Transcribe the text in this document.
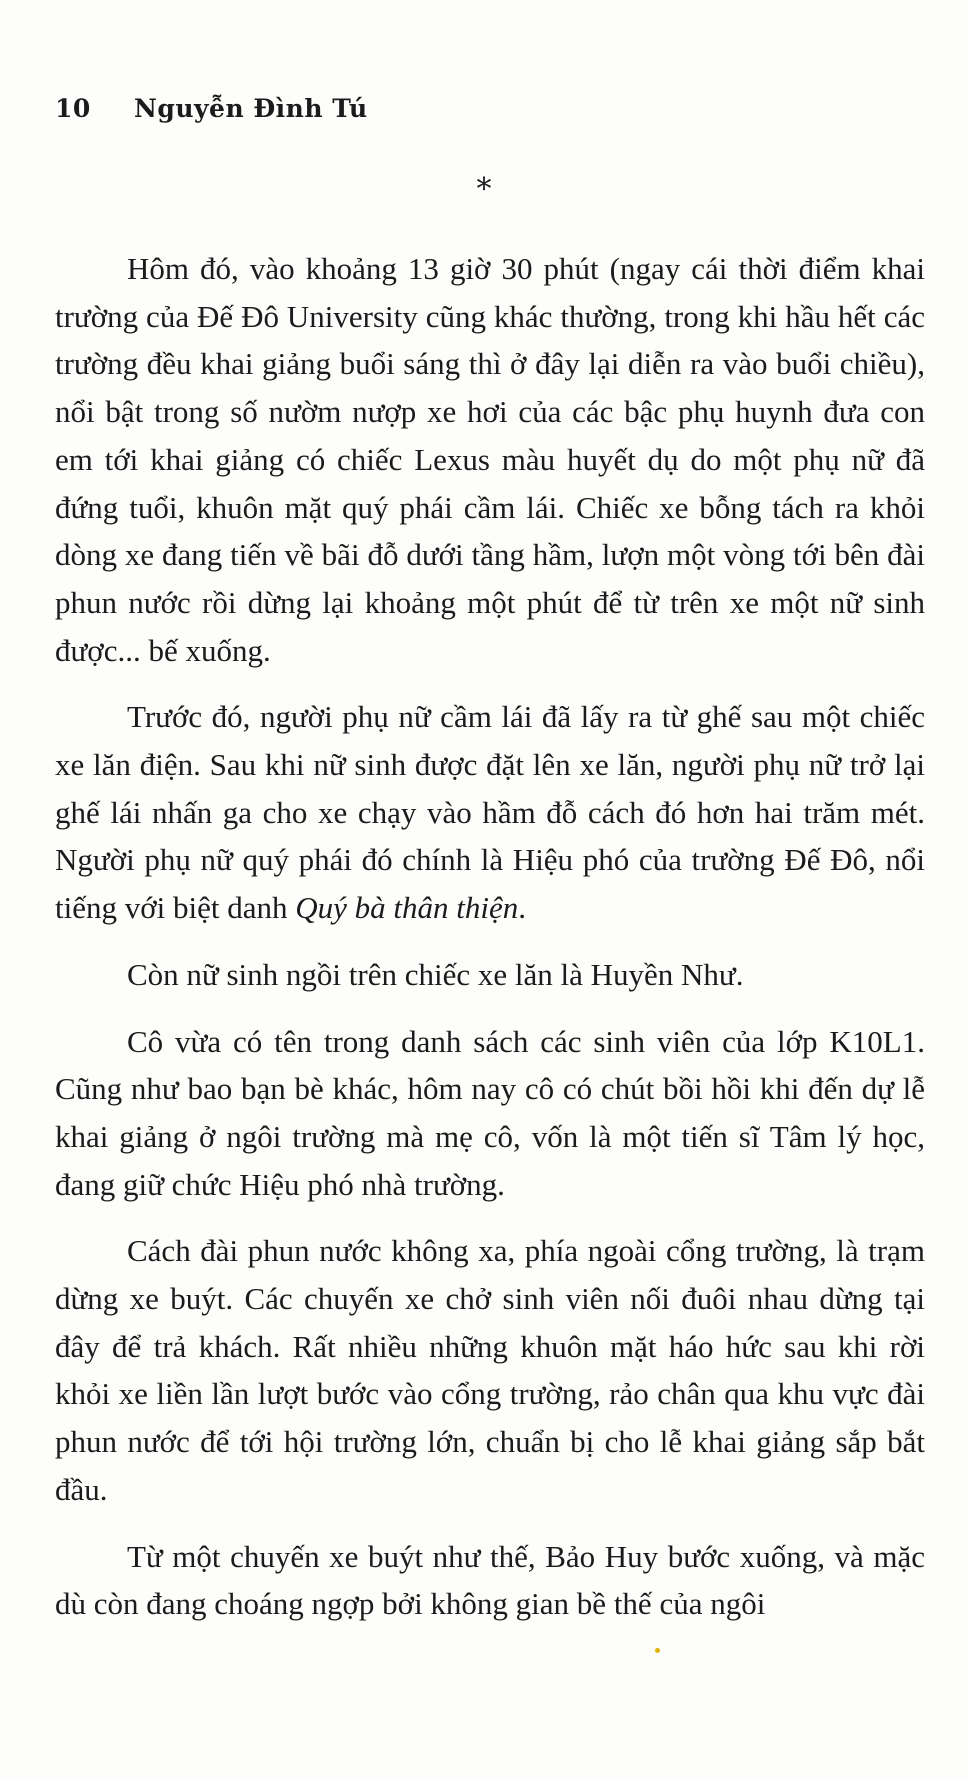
10 Nguyễn Đình Tú
*

Hôm đó, vào khoảng 13 giờ 30 phút (ngay cái thời điểm khai trường của Đế Đô University cũng khác thường, trong khi hầu hết các trường đều khai giảng buổi sáng thì ở đây lại diễn ra vào buổi chiều), nổi bật trong số nườm nượp xe hơi của các bậc phụ huynh đưa con em tới khai giảng có chiếc Lexus màu huyết dụ do một phụ nữ đã đứng tuổi, khuôn mặt quý phái cầm lái. Chiếc xe bỗng tách ra khỏi dòng xe đang tiến về bãi đỗ dưới tầng hầm, lượn một vòng tới bên đài phun nước rồi dừng lại khoảng một phút để từ trên xe một nữ sinh được... bế xuống.

Trước đó, người phụ nữ cầm lái đã lấy ra từ ghế sau một chiếc xe lăn điện. Sau khi nữ sinh được đặt lên xe lăn, người phụ nữ trở lại ghế lái nhấn ga cho xe chạy vào hầm đỗ cách đó hơn hai trăm mét. Người phụ nữ quý phái đó chính là Hiệu phó của trường Đế Đô, nổi tiếng với biệt danh Quý bà thân thiện.

Còn nữ sinh ngồi trên chiếc xe lăn là Huyền Như.

Cô vừa có tên trong danh sách các sinh viên của lớp K10L1. Cũng như bao bạn bè khác, hôm nay cô có chút bồi hồi khi đến dự lễ khai giảng ở ngôi trường mà mẹ cô, vốn là một tiến sĩ Tâm lý học, đang giữ chức Hiệu phó nhà trường.

Cách đài phun nước không xa, phía ngoài cổng trường, là trạm dừng xe buýt. Các chuyến xe chở sinh viên nối đuôi nhau dừng tại đây để trả khách. Rất nhiều những khuôn mặt háo hức sau khi rời khỏi xe liền lần lượt bước vào cổng trường, rảo chân qua khu vực đài phun nước để tới hội trường lớn, chuẩn bị cho lễ khai giảng sắp bắt đầu.

Từ một chuyến xe buýt như thế, Bảo Huy bước xuống, và mặc dù còn đang choáng ngợp bởi không gian bề thế của ngôi
